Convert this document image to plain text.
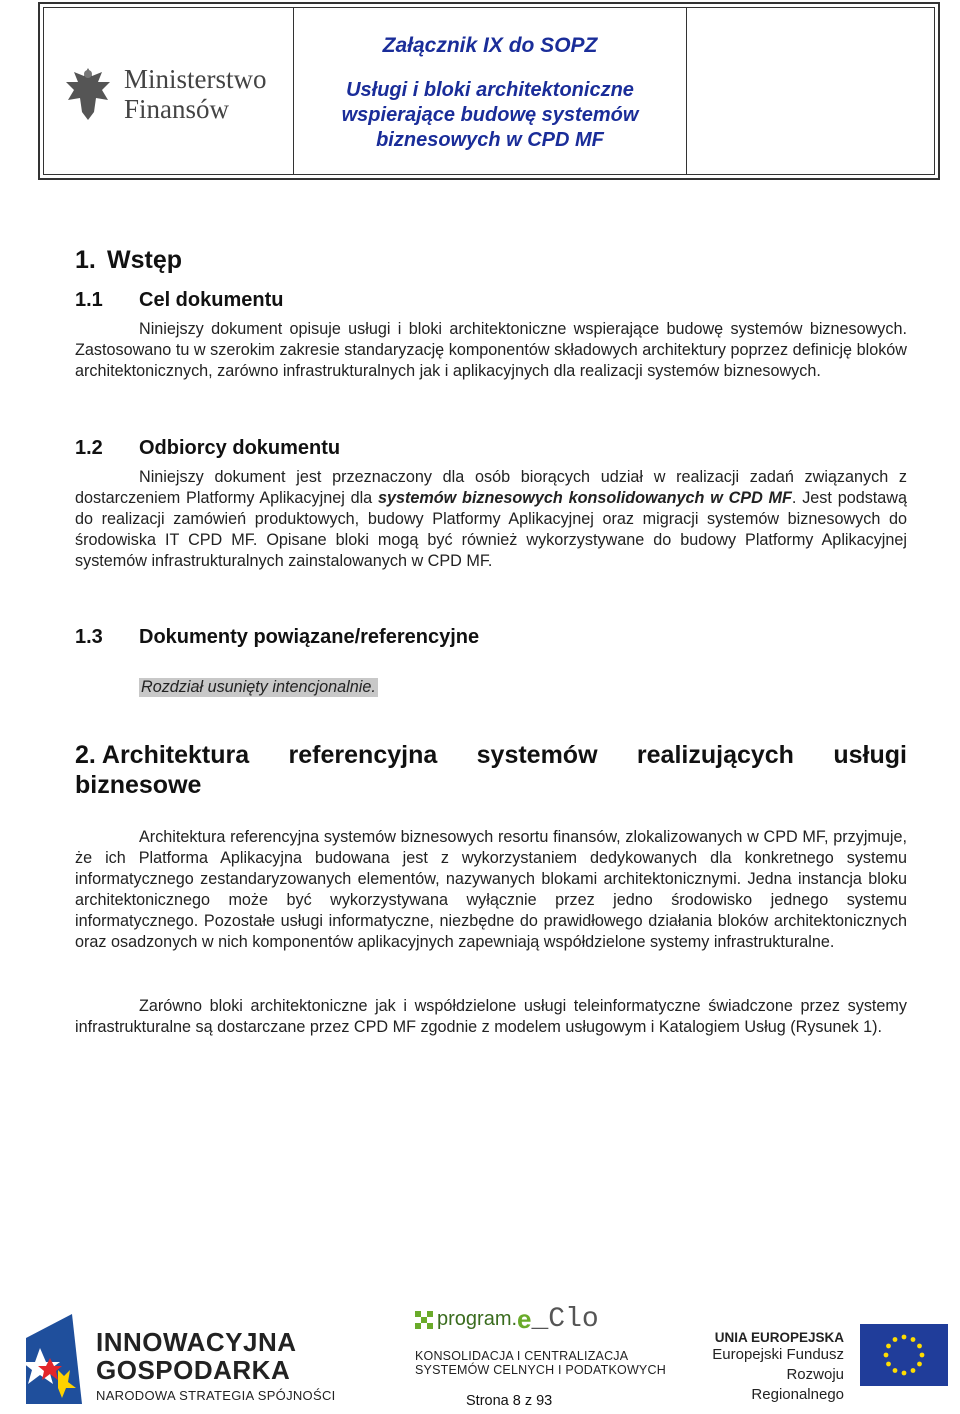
Ministerstwo
Finansów
Załącznik IX do SOPZ
Usługi i bloki architektoniczne
wspierające budowę systemów
biznesowych w CPD MF
1. Wstęp
1.1 Cel dokumentu

Niniejszy dokument opisuje usługi i bloki architektoniczne wspierające budowę systemów biznesowych. Zastosowano tu w szerokim zakresie standaryzację komponentów składowych architektury poprzez definicję bloków architektonicznych, zarówno infrastrukturalnych jak i aplikacyjnych dla realizacji systemów biznesowych.

1.2 Odbiorcy dokumentu

Niniejszy dokument jest przeznaczony dla osób biorących udział w realizacji zadań związanych z dostarczeniem Platformy Aplikacyjnej dla systemów biznesowych konsolidowanych w CPD MF. Jest podstawą do realizacji zamówień produktowych, budowy Platformy Aplikacyjnej oraz migracji systemów biznesowych do środowiska IT CPD MF. Opisane bloki mogą być również wykorzystywane do budowy Platformy Aplikacyjnej systemów infrastrukturalnych zainstalowanych w CPD MF.

1.3 Dokumenty powiązane/referencyjne
Rozdział usunięty intencjonalnie.
2. Architektura referencyjna systemów realizujących usługi
biznesowe

Architektura referencyjna systemów biznesowych resortu finansów, zlokalizowanych w CPD MF, przyjmuje, że ich Platforma Aplikacyjna budowana jest z wykorzystaniem dedykowanych dla konkretnego systemu informatycznego zestandaryzowanych elementów, nazywanych blokami architektonicznymi. Jedna instancja bloku architektonicznego może być wykorzystywana wyłącznie przez jedno środowisko jednego systemu informatycznego. Pozostałe usługi informatyczne, niezbędne do prawidłowego działania bloków architektonicznych oraz osadzonych w nich komponentów aplikacyjnych zapewniają współdzielone systemy infrastrukturalne.

Zarówno bloki architektoniczne jak i współdzielone usługi teleinformatyczne świadczone przez systemy infrastrukturalne są dostarczane przez CPD MF zgodnie z modelem usługowym i Katalogiem Usług (Rysunek 1).

INNOWACYJNA
GOSPODARKA
NARODOWA STRATEGIA SPÓJNOŚCI
program. e _Clo
KONSOLIDACJA I CENTRALIZACJA
SYSTEMÓW CELNYCH I PODATKOWYCH
UNIA EUROPEJSKA
Europejski Fundusz
Rozwoju Regionalnego
Strona 8 z 93
